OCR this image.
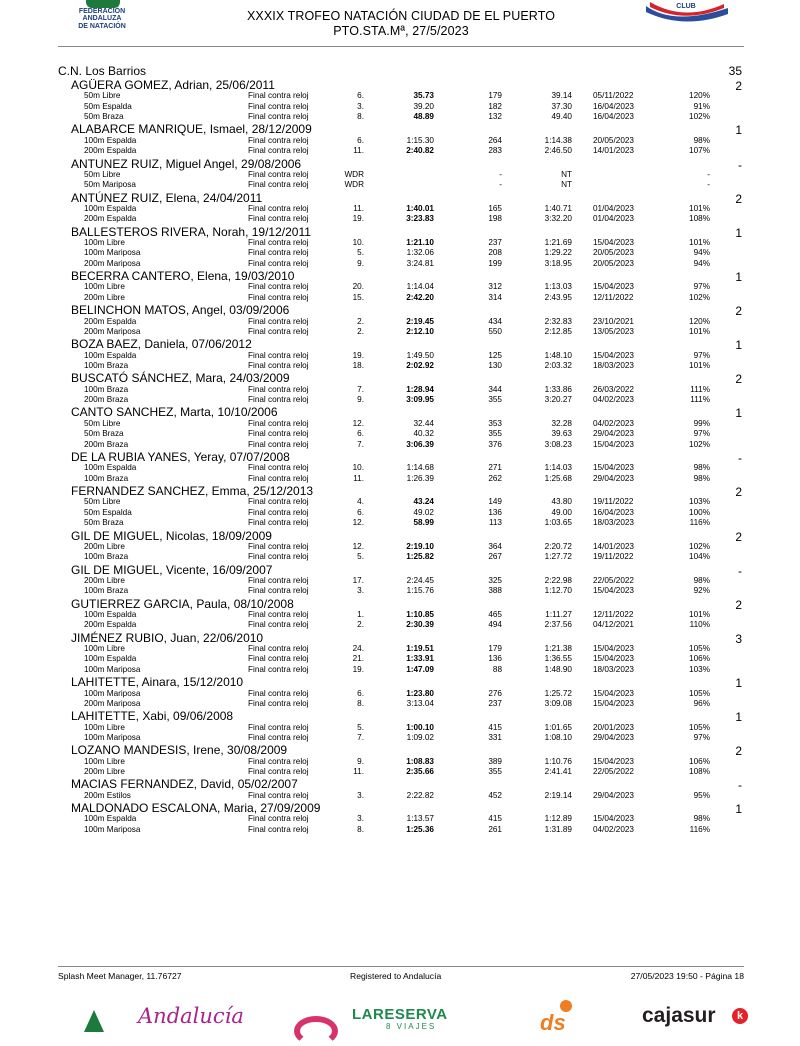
FEDERACIÓN
ANDALUZA
DE NATACIÓN
XXXIX TROFEO NATACIÓN CIUDAD DE EL PUERTO
PTO.STA.Mª, 27/5/2023
CLUB
C.N. Los Barrios	35
AGÜERA GOMEZ, Adrian, 25/06/2011	2
50m Libre	Final contra reloj	6.	35.73	179	39.14	05/11/2022	120%
50m Espalda	Final contra reloj	3.	39.20	182	37.30	16/04/2023	91%
50m Braza	Final contra reloj	8.	48.89	132	49.40	16/04/2023	102%
ALABARCE MANRIQUE, Ismael, 28/12/2009	1
100m Espalda	Final contra reloj	6.	1:15.30	264	1:14.38	20/05/2023	98%
200m Espalda	Final contra reloj	11.	2:40.82	283	2:46.50	14/01/2023	107%
ANTUNEZ RUIZ, Miguel Angel, 29/08/2006	-
50m Libre	Final contra reloj	WDR	-	NT	-
50m Mariposa	Final contra reloj	WDR	-	NT	-
ANTÚNEZ RUIZ, Elena, 24/04/2011	2
100m Espalda	Final contra reloj	11.	1:40.01	165	1:40.71	01/04/2023	101%
200m Espalda	Final contra reloj	19.	3:23.83	198	3:32.20	01/04/2023	108%
BALLESTEROS RIVERA, Norah, 19/12/2011	1
100m Libre	Final contra reloj	10.	1:21.10	237	1:21.69	15/04/2023	101%
100m Mariposa	Final contra reloj	5.	1:32.06	208	1:29.22	20/05/2023	94%
200m Mariposa	Final contra reloj	9.	3:24.81	199	3:18.95	20/05/2023	94%
BECERRA CANTERO, Elena, 19/03/2010	1
100m Libre	Final contra reloj	20.	1:14.04	312	1:13.03	15/04/2023	97%
200m Libre	Final contra reloj	15.	2:42.20	314	2:43.95	12/11/2022	102%
BELINCHON MATOS, Angel, 03/09/2006	2
200m Espalda	Final contra reloj	2.	2:19.45	434	2:32.83	23/10/2021	120%
200m Mariposa	Final contra reloj	2.	2:12.10	550	2:12.85	13/05/2023	101%
BOZA BAEZ, Daniela, 07/06/2012	1
100m Espalda	Final contra reloj	19.	1:49.50	125	1:48.10	15/04/2023	97%
100m Braza	Final contra reloj	18.	2:02.92	130	2:03.32	18/03/2023	101%
BUSCATÓ SÁNCHEZ, Mara, 24/03/2009	2
100m Braza	Final contra reloj	7.	1:28.94	344	1:33.86	26/03/2022	111%
200m Braza	Final contra reloj	9.	3:09.95	355	3:20.27	04/02/2023	111%
CANTO SANCHEZ, Marta, 10/10/2006	1
50m Libre	Final contra reloj	12.	32.44	353	32.28	04/02/2023	99%
50m Braza	Final contra reloj	6.	40.32	355	39.63	29/04/2023	97%
200m Braza	Final contra reloj	7.	3:06.39	376	3:08.23	15/04/2023	102%
DE LA RUBIA YANES, Yeray, 07/07/2008	-
100m Espalda	Final contra reloj	10.	1:14.68	271	1:14.03	15/04/2023	98%
100m Braza	Final contra reloj	11.	1:26.39	262	1:25.68	29/04/2023	98%
FERNANDEZ SANCHEZ, Emma, 25/12/2013	2
50m Libre	Final contra reloj	4.	43.24	149	43.80	19/11/2022	103%
50m Espalda	Final contra reloj	6.	49.02	136	49.00	16/04/2023	100%
50m Braza	Final contra reloj	12.	58.99	113	1:03.65	18/03/2023	116%
GIL DE MIGUEL, Nicolas, 18/09/2009	2
200m Libre	Final contra reloj	12.	2:19.10	364	2:20.72	14/01/2023	102%
100m Braza	Final contra reloj	5.	1:25.82	267	1:27.72	19/11/2022	104%
GIL DE MIGUEL, Vicente, 16/09/2007	-
200m Libre	Final contra reloj	17.	2:24.45	325	2:22.98	22/05/2022	98%
100m Braza	Final contra reloj	3.	1:15.76	388	1:12.70	15/04/2023	92%
GUTIERREZ GARCIA, Paula, 08/10/2008	2
100m Espalda	Final contra reloj	1.	1:10.85	465	1:11.27	12/11/2022	101%
200m Espalda	Final contra reloj	2.	2:30.39	494	2:37.56	04/12/2021	110%
JIMÉNEZ RUBIO, Juan, 22/06/2010	3
100m Libre	Final contra reloj	24.	1:19.51	179	1:21.38	15/04/2023	105%
100m Espalda	Final contra reloj	21.	1:33.91	136	1:36.55	15/04/2023	106%
100m Mariposa	Final contra reloj	19.	1:47.09	88	1:48.90	18/03/2023	103%
LAHITETTE, Ainara, 15/12/2010	1
100m Mariposa	Final contra reloj	6.	1:23.80	276	1:25.72	15/04/2023	105%
200m Mariposa	Final contra reloj	8.	3:13.04	237	3:09.08	15/04/2023	96%
LAHITETTE, Xabi, 09/06/2008	1
100m Libre	Final contra reloj	5.	1:00.10	415	1:01.65	20/01/2023	105%
100m Mariposa	Final contra reloj	7.	1:09.02	331	1:08.10	29/04/2023	97%
LOZANO MANDESIS, Irene, 30/08/2009	2
100m Libre	Final contra reloj	9.	1:08.83	389	1:10.76	15/04/2023	106%
200m Libre	Final contra reloj	11.	2:35.66	355	2:41.41	22/05/2022	108%
MACIAS FERNANDEZ, David, 05/02/2007	-
200m Estilos	Final contra reloj	3.	2:22.82	452	2:19.14	29/04/2023	95%
MALDONADO ESCALONA, Maria, 27/09/2009	1
100m Espalda	Final contra reloj	3.	1:13.57	415	1:12.89	15/04/2023	98%
100m Mariposa	Final contra reloj	8.	1:25.36	261	1:31.89	04/02/2023	116%
Splash Meet Manager, 11.76727	Registered to Andalucía	27/05/2023 19:50 - Página 18
Andalucía	LARESERVA
8 VIAJES	ds	cajasur	k
